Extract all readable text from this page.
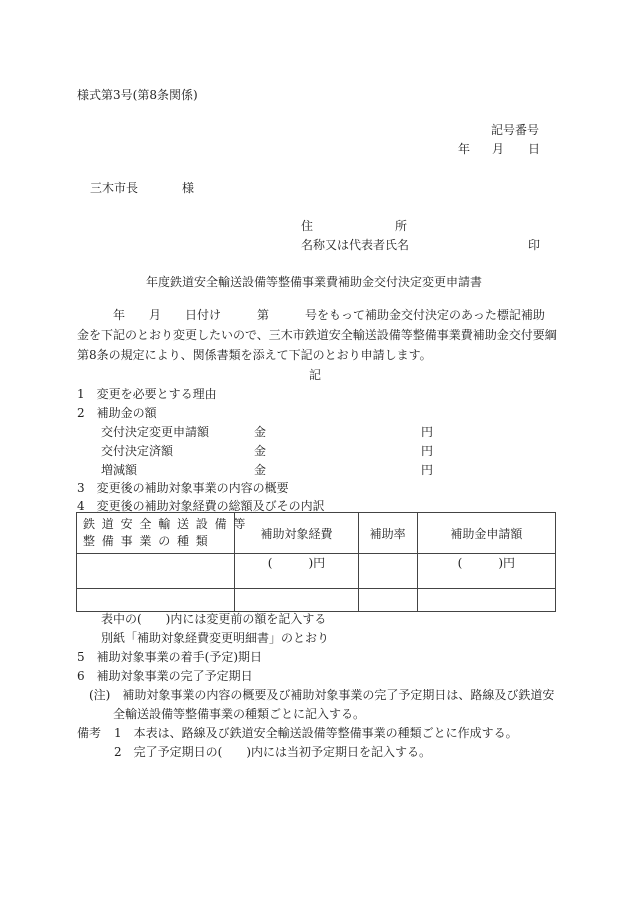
様式第3号(第8条関係)
記号番号
年 月 日
三木市長	様
住	所
名称又は代表者氏名	印
年度鉄道安全輸送設備等整備事業費補助金交付決定変更申請書
　　　年　　月　　日付け　　　第　　　号をもって補助金交付決定のあった標記補助
金を下記のとおり変更したいので、三木市鉄道安全輸送設備等整備事業費補助金交付要綱
第8条の規定により、関係書類を添えて下記のとおり申請します。
記
1　変更を必要とする理由
2　補助金の額
交付決定変更申請額	金	円
交付決定済額	金	円
増減額	金	円
3　変更後の補助対象事業の内容の概要
4　変更後の補助対象経費の総額及びその内訳
鉄道安全輸送設備等
整備事業の種類	補助対象経費	補助率	補助金申請額
	(　　　)円		(　　　)円

表中の(　　)内には変更前の額を記入する
別紙「補助対象経費変更明細書」のとおり
5　補助対象事業の着手(予定)期日
6　補助対象事業の完了予定期日
(注)　補助対象事業の内容の概要及び補助対象事業の完了予定期日は、路線及び鉄道安
全輸送設備等整備事業の種類ごとに記入する。
備考 1　本表は、路線及び鉄道安全輸送設備等整備事業の種類ごとに作成する。
2　完了予定期日の(　　)内には当初予定期日を記入する。
